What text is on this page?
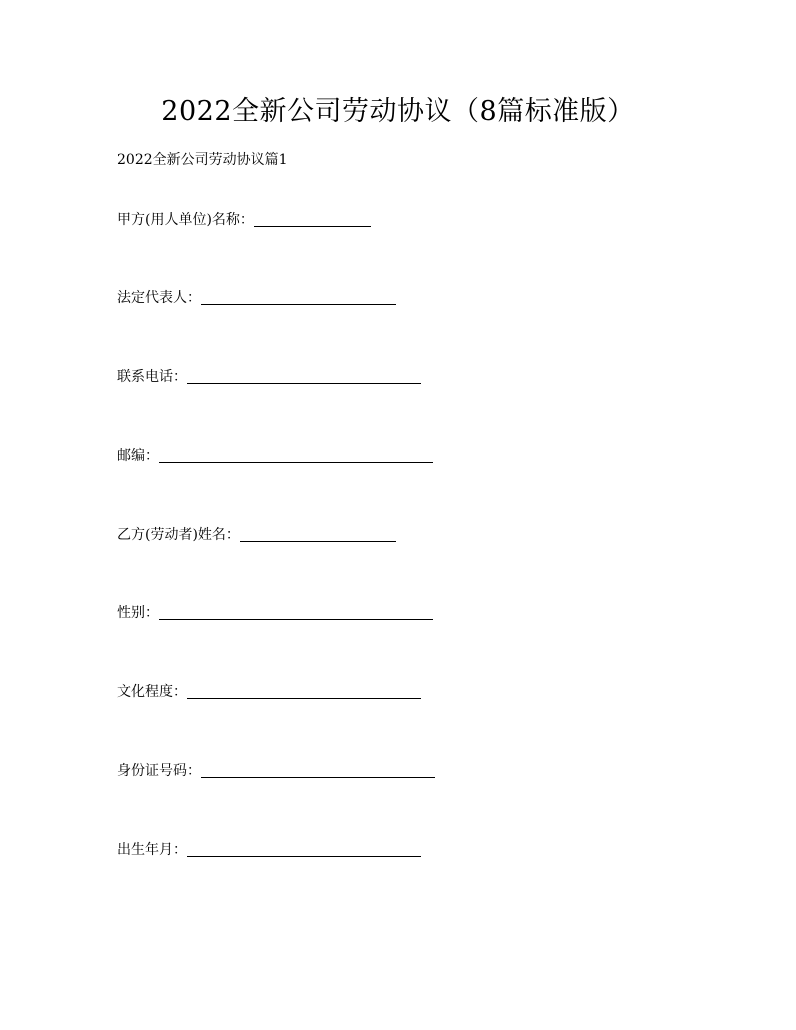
2022全新公司劳动协议（8篇标准版）
2022全新公司劳动协议篇1
甲方(用人单位)名称：
法定代表人：
联系电话：
邮编：
乙方(劳动者)姓名：
性别：
文化程度：
身份证号码：
出生年月：
